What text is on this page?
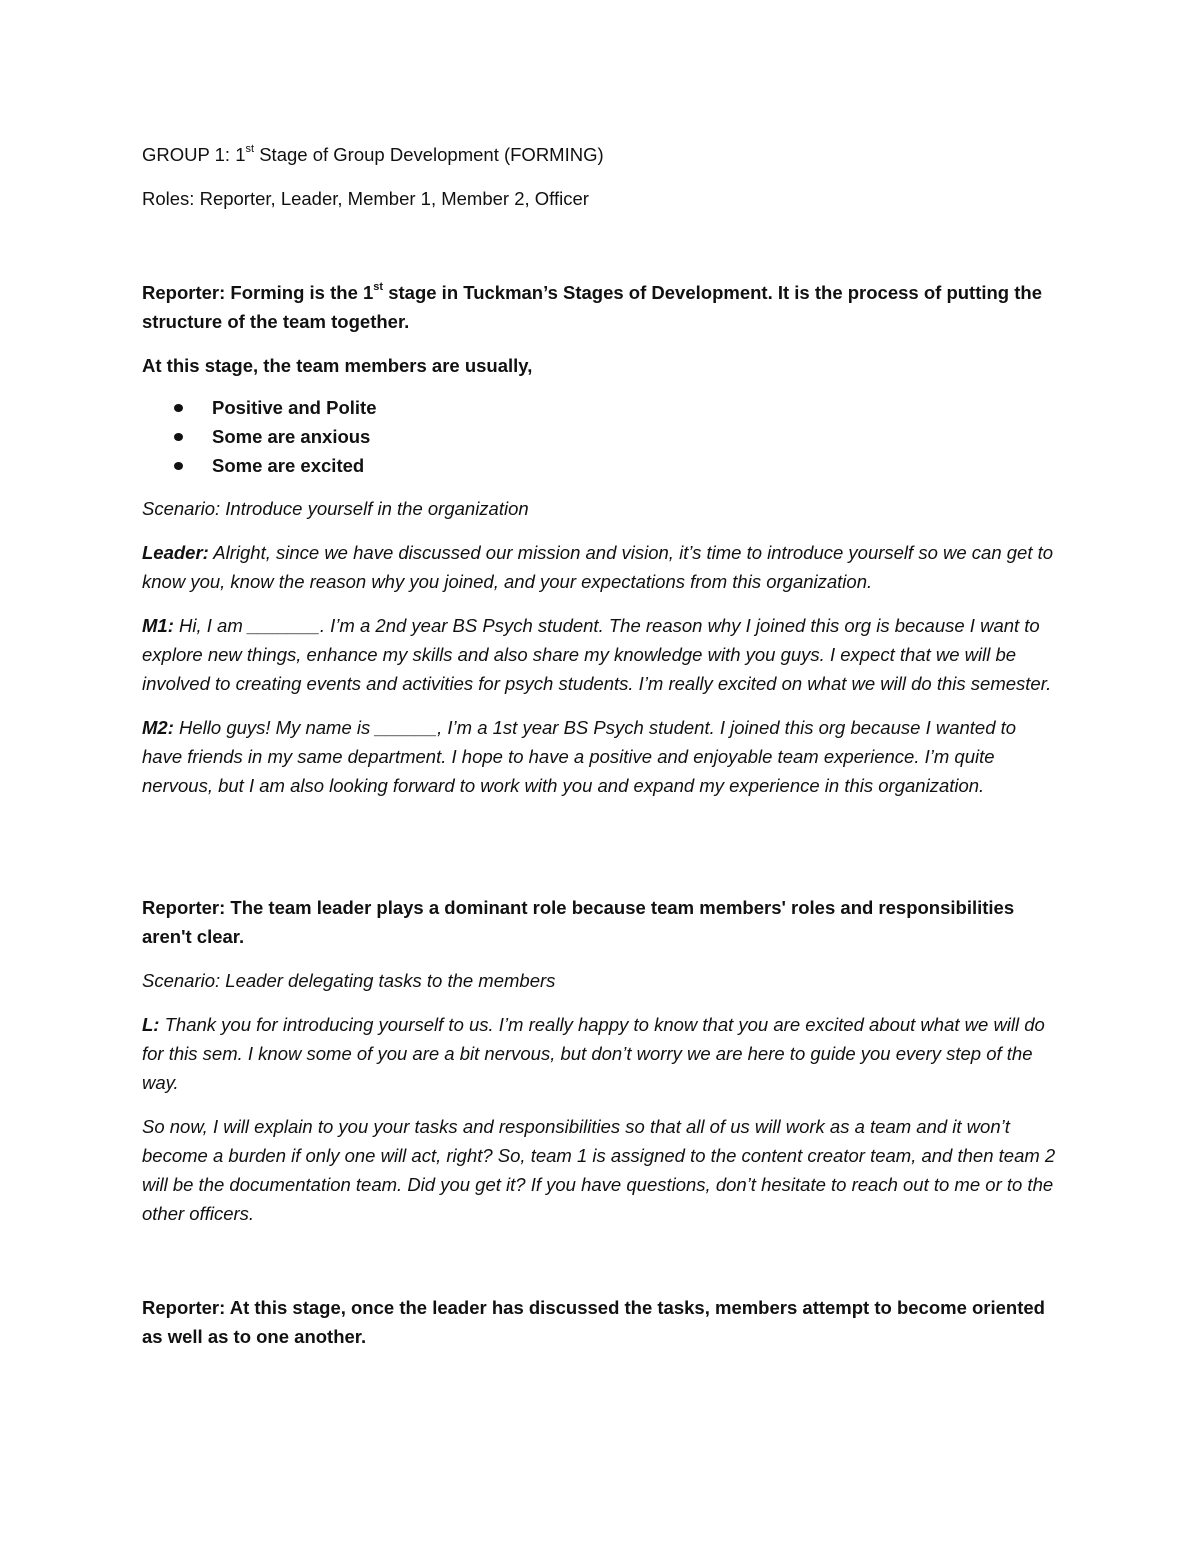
GROUP 1: 1st Stage of Group Development (FORMING)

Roles: Reporter, Leader, Member 1, Member 2, Officer

Reporter: Forming is the 1st stage in Tuckman’s Stages of Development. It is the process of putting the structure of the team together.

At this stage, the team members are usually,

Positive and Polite
Some are anxious
Some are excited

Scenario: Introduce yourself in the organization

Leader: Alright, since we have discussed our mission and vision, it’s time to introduce yourself so we can get to know you, know the reason why you joined, and your expectations from this organization.

M1: Hi, I am _______. I’m a 2nd year BS Psych student. The reason why I joined this org is because I want to explore new things, enhance my skills and also share my knowledge with you guys. I expect that we will be involved to creating events and activities for psych students. I’m really excited on what we will do this semester.

M2: Hello guys! My name is ______, I’m a 1st year BS Psych student. I joined this org because I wanted to have friends in my same department. I hope to have a positive and enjoyable team experience. I’m quite nervous, but I am also looking forward to work with you and expand my experience in this organization.

Reporter: The team leader plays a dominant role because team members' roles and responsibilities aren't clear.

Scenario: Leader delegating tasks to the members

L: Thank you for introducing yourself to us. I’m really happy to know that you are excited about what we will do for this sem. I know some of you are a bit nervous, but don’t worry we are here to guide you every step of the way.

So now, I will explain to you your tasks and responsibilities so that all of us will work as a team and it won’t become a burden if only one will act, right? So, team 1 is assigned to the content creator team, and then team 2 will be the documentation team. Did you get it? If you have questions, don’t hesitate to reach out to me or to the other officers.

Reporter: At this stage, once the leader has discussed the tasks, members attempt to become oriented as well as to one another.
